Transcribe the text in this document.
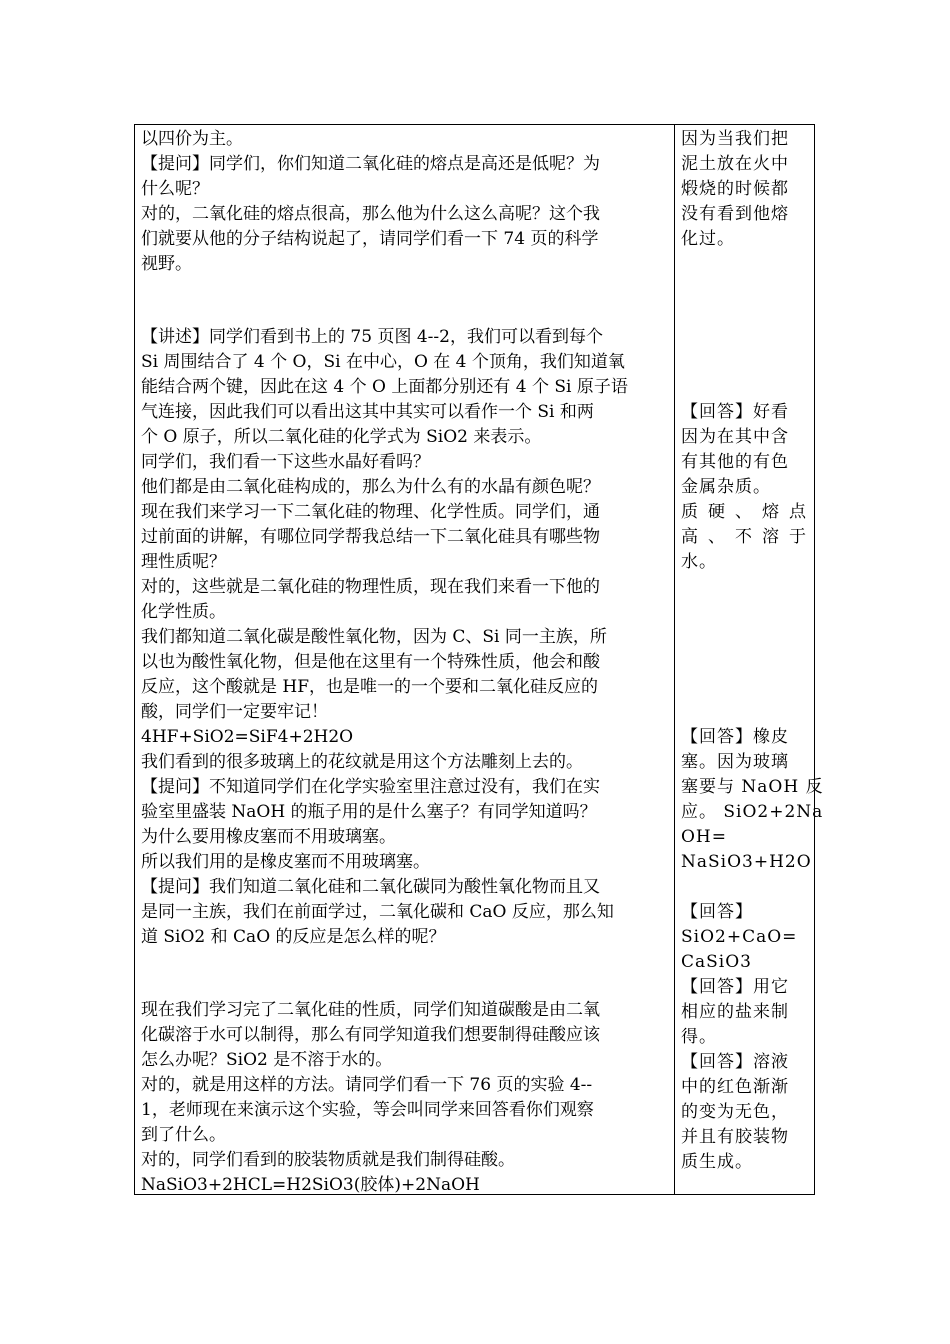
以四价为主。
【提问】同学们，你们知道二氧化硅的熔点是高还是低呢？为
什么呢？
对的，二氧化硅的熔点很高，那么他为什么这么高呢？这个我
们就要从他的分子结构说起了，请同学们看一下 74 页的科学
视野。
【讲述】同学们看到书上的 75 页图 4--2，我们可以看到每个
Si 周围结合了 4 个 O，Si 在中心，O 在 4 个顶角，我们知道氧
能结合两个键，因此在这 4 个 O 上面都分别还有 4 个 Si 原子语
气连接，因此我们可以看出这其中其实可以看作一个 Si 和两
个 O 原子，所以二氧化硅的化学式为 SiO2 来表示。
同学们，我们看一下这些水晶好看吗？
他们都是由二氧化硅构成的，那么为什么有的水晶有颜色呢？
现在我们来学习一下二氧化硅的物理、化学性质。同学们，通
过前面的讲解，有哪位同学帮我总结一下二氧化硅具有哪些物
理性质呢？
对的，这些就是二氧化硅的物理性质，现在我们来看一下他的
化学性质。
我们都知道二氧化碳是酸性氧化物，因为 C、Si 同一主族，所
以也为酸性氧化物，但是他在这里有一个特殊性质，他会和酸
反应，这个酸就是 HF，也是唯一的一个要和二氧化硅反应的
酸，同学们一定要牢记！
4HF+SiO2=SiF4+2H2O
我们看到的很多玻璃上的花纹就是用这个方法雕刻上去的。
【提问】不知道同学们在化学实验室里注意过没有，我们在实
验室里盛装 NaOH 的瓶子用的是什么塞子？有同学知道吗？
为什么要用橡皮塞而不用玻璃塞。
所以我们用的是橡皮塞而不用玻璃塞。
【提问】我们知道二氧化硅和二氧化碳同为酸性氧化物而且又
是同一主族，我们在前面学过，二氧化碳和 CaO 反应，那么知
道 SiO2 和 CaO 的反应是怎么样的呢？
现在我们学习完了二氧化硅的性质，同学们知道碳酸是由二氧
化碳溶于水可以制得，那么有同学知道我们想要制得硅酸应该
怎么办呢？SiO2 是不溶于水的。
对的，就是用这样的方法。请同学们看一下 76 页的实验 4--
1，老师现在来演示这个实验，等会叫同学来回答看你们观察
到了什么。
对的，同学们看到的胶装物质就是我们制得硅酸。
NaSiO3+2HCL=H2SiO3(胶体)+2NaOH
因为当我们把
泥土放在火中
煅烧的时候都
没有看到他熔
化过。
【回答】好看
因为在其中含
有其他的有色
金属杂质。
质 硬 、 熔 点
高 、 不 溶 于
水。
【回答】橡皮
塞。因为玻璃
塞要与 NaOH 反
应。 SiO2+2Na
OH=
NaSiO3+H2O
【回答】
SiO2+CaO=
CaSiO3
【回答】用它
相应的盐来制
得。
【回答】溶液
中的红色渐渐
的变为无色，
并且有胶装物
质生成。
